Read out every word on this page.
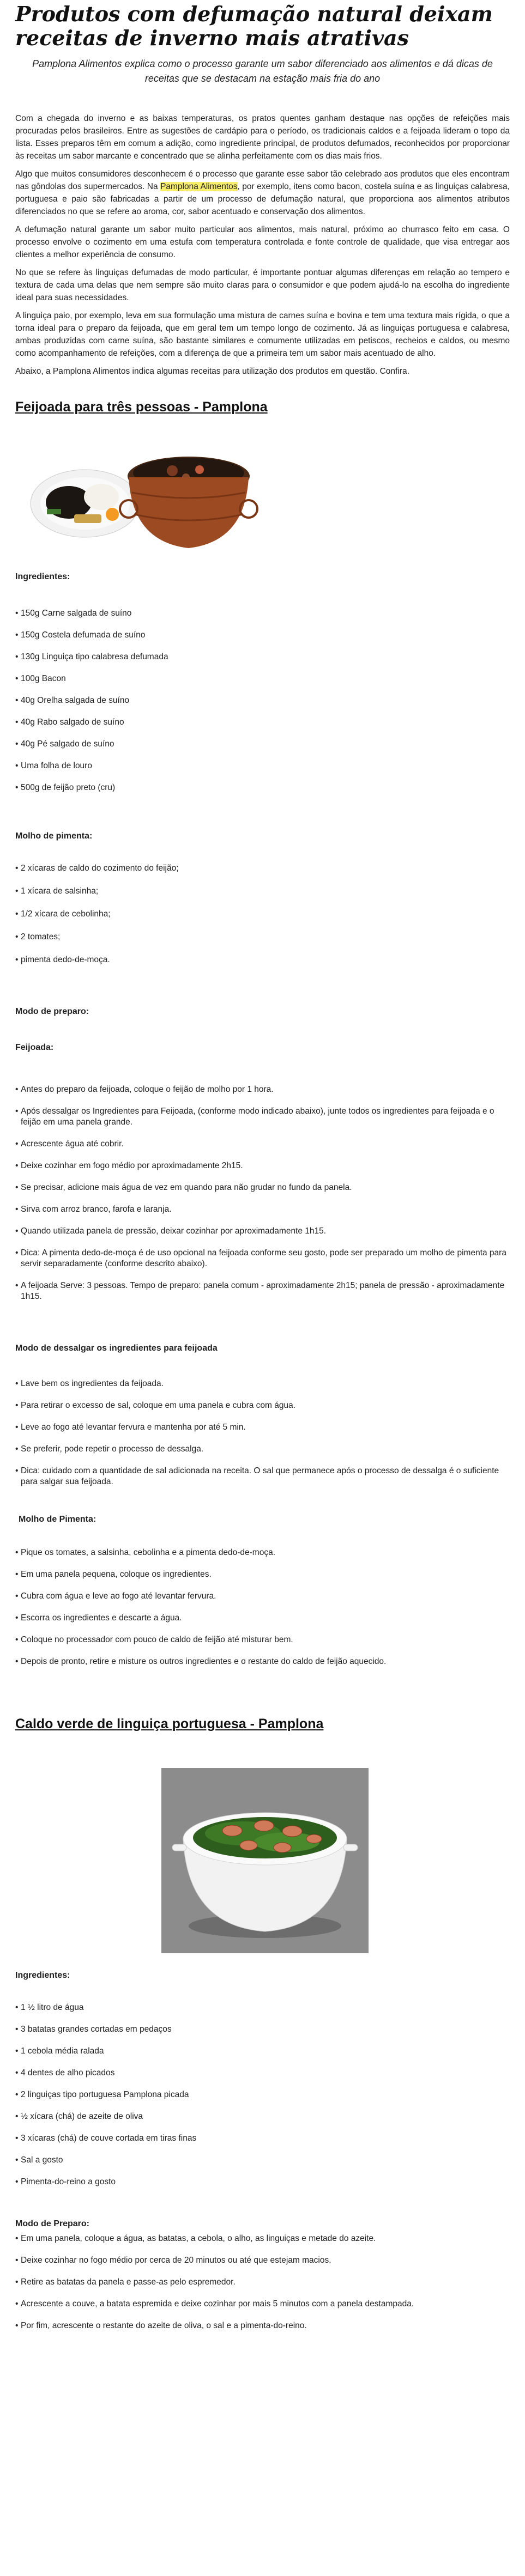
Produtos com defumação natural deixam receitas de inverno mais atrativas

Pamplona Alimentos explica como o processo garante um sabor diferenciado aos alimentos e dá dicas de receitas que se destacam na estação mais fria do ano

Com a chegada do inverno e as baixas temperaturas, os pratos quentes ganham destaque nas opções de refeições mais procuradas pelos brasileiros. Entre as sugestões de cardápio para o período, os tradicionais caldos e a feijoada lideram o topo da lista. Esses preparos têm em comum a adição, como ingrediente principal, de produtos defumados, reconhecidos por proporcionar às receitas um sabor marcante e concentrado que se alinha perfeitamente com os dias mais frios.

Algo que muitos consumidores desconhecem é o processo que garante esse sabor tão celebrado aos produtos que eles encontram nas gôndolas dos supermercados. Na Pamplona Alimentos, por exemplo, itens como bacon, costela suína e as linguiças calabresa, portuguesa e paio são fabricadas a partir de um processo de defumação natural, que proporciona aos alimentos atributos diferenciados no que se refere ao aroma, cor, sabor acentuado e conservação dos alimentos.

A defumação natural garante um sabor muito particular aos alimentos, mais natural, próximo ao churrasco feito em casa. O processo envolve o cozimento em uma estufa com temperatura controlada e fonte controle de qualidade, que visa entregar aos clientes a melhor experiência de consumo.

No que se refere às linguiças defumadas de modo particular, é importante pontuar algumas diferenças em relação ao tempero e textura de cada uma delas que nem sempre são muito claras para o consumidor e que podem ajudá-lo na escolha do ingrediente ideal para suas necessidades.

A linguiça paio, por exemplo, leva em sua formulação uma mistura de carnes suína e bovina e tem uma textura mais rígida, o que a torna ideal para o preparo da feijoada, que em geral tem um tempo longo de cozimento. Já as linguiças portuguesa e calabresa, ambas produzidas com carne suína, são bastante similares e comumente utilizadas em petiscos, recheios e caldos, ou mesmo como acompanhamento de refeições, com a diferença de que a primeira tem um sabor mais acentuado de alho.

Abaixo, a Pamplona Alimentos indica algumas receitas para utilização dos produtos em questão. Confira.

Feijoada para três pessoas - Pamplona

Ingredientes:

• 150g Carne salgada de suíno
• 150g Costela defumada de suíno
• 130g Linguiça tipo calabresa defumada
• 100g Bacon
• 40g Orelha salgada de suíno
• 40g Rabo salgado de suíno
• 40g Pé salgado de suíno
• Uma folha de louro
• 500g de feijão preto (cru)

Molho de pimenta:

• 2 xícaras de caldo do cozimento do feijão;
• 1 xícara de salsinha;
• 1/2 xícara de cebolinha;
• 2 tomates;
• pimenta dedo-de-moça.

Modo de preparo:

Feijoada:

• Antes do preparo da feijoada, coloque o feijão de molho por 1 hora.
• Após dessalgar os Ingredientes para Feijoada, (conforme modo indicado abaixo), junte todos os ingredientes para feijoada e o feijão em uma panela grande.
• Acrescente água até cobrir.
• Deixe cozinhar em fogo médio por aproximadamente 2h15.
• Se precisar, adicione mais água de vez em quando para não grudar no fundo da panela.
• Sirva com arroz branco, farofa e laranja.
• Quando utilizada panela de pressão, deixar cozinhar por aproximadamente 1h15.
• Dica: A pimenta dedo-de-moça é de uso opcional na feijoada conforme seu gosto, pode ser preparado um molho de pimenta para servir separadamente (conforme descrito abaixo).
• A feijoada Serve: 3 pessoas. Tempo de preparo: panela comum - aproximadamente 2h15; panela de pressão - aproximadamente 1h15.

Modo de dessalgar os ingredientes para feijoada

• Lave bem os ingredientes da feijoada.
• Para retirar o excesso de sal, coloque em uma panela e cubra com água.
• Leve ao fogo até levantar fervura e mantenha por até 5 min.
• Se preferir, pode repetir o processo de dessalga.
• Dica: cuidado com a quantidade de sal adicionada na receita. O sal que permanece após o processo de dessalga é o suficiente para salgar sua feijoada.

Molho de Pimenta:

• Pique os tomates, a salsinha, cebolinha e a pimenta dedo-de-moça.
• Em uma panela pequena, coloque os ingredientes.
• Cubra com água e leve ao fogo até levantar fervura.
• Escorra os ingredientes e descarte a água.
• Coloque no processador com pouco de caldo de feijão até misturar bem.
• Depois de pronto, retire e misture os outros ingredientes e o restante do caldo de feijão aquecido.
Caldo verde de linguiça portuguesa - Pamplona

Ingredientes:

• 1 ½ litro de água
• 3 batatas grandes cortadas em pedaços
• 1 cebola média ralada
• 4 dentes de alho picados
• 2 linguiças tipo portuguesa Pamplona picada
• ½ xícara (chá) de azeite de oliva
• 3 xícaras (chá) de couve cortada em tiras finas
• Sal a gosto
• Pimenta-do-reino a gosto

Modo de Preparo:

• Em uma panela, coloque a água, as batatas, a cebola, o alho, as linguiças e metade do azeite.
• Deixe cozinhar no fogo médio por cerca de 20 minutos ou até que estejam macios.
• Retire as batatas da panela e passe-as pelo espremedor.
• Acrescente a couve, a batata espremida e deixe cozinhar por mais 5 minutos com a panela destampada.
• Por fim, acrescente o restante do azeite de oliva, o sal e a pimenta-do-reino.
